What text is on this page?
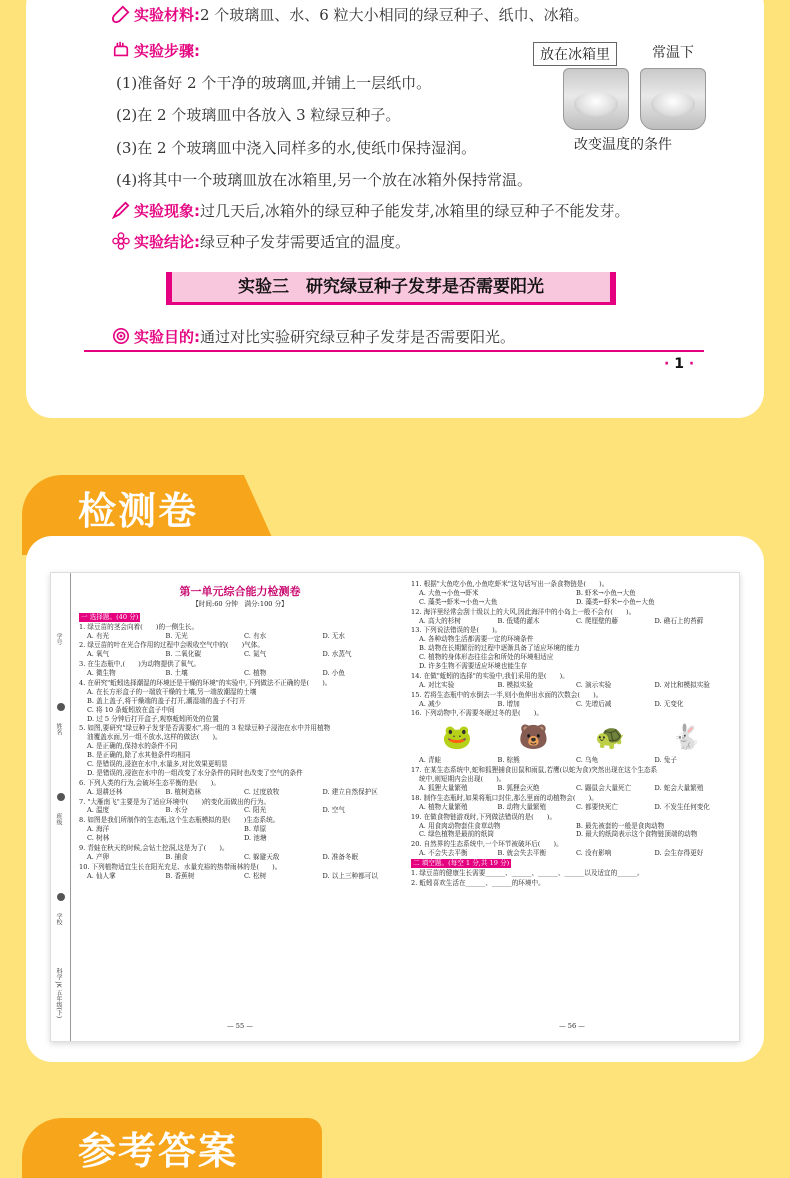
实验材料:2 个玻璃皿、水、6 粒大小相同的绿豆种子、纸巾、冰箱。
实验步骤:
(1)准备好 2 个干净的玻璃皿,并铺上一层纸巾。
(2)在 2 个玻璃皿中各放入 3 粒绿豆种子。
(3)在 2 个玻璃皿中浇入同样多的水,使纸巾保持湿润。
(4)将其中一个玻璃皿放在冰箱里,另一个放在冰箱外保持常温。
放在冰箱里	常温下
改变温度的条件
实验现象:过几天后,冰箱外的绿豆种子能发芽,冰箱里的绿豆种子不能发芽。
实验结论:绿豆种子发芽需要适宜的温度。
实验三　研究绿豆种子发芽是否需要阳光
实验目的:通过对比实验研究绿豆种子发芽是否需要阳光。
· 1 ·
检测卷
学号
姓名
班级
学校
科学 JK 五年级(下)
第一单元综合能力检测卷
【时间:60 分钟　满分:100 分】
一 选择题。(40 分)
1. 绿豆苗的茎会向着(　　)的一侧生长。
A. 有光	B. 无光	C. 有水	D. 无水
2. 绿豆苗的叶在光合作用的过程中会吸收空气中的(　　)气体。
A. 氧气	B. 二氧化碳	C. 氮气	D. 水蒸气
3. 在生态瓶中,(　　)为动物提供了氧气。
A. 微生物	B. 土壤	C. 植物	D. 小鱼
4. 在研究"蚯蚓选择潮湿的环境还是干燥的环境"的实验中,下列做法不正确的是(　　)。
A. 在长方形盒子的一端放干燥的土壤,另一端放潮湿的土壤
B. 盖上盖子,将干燥端的盖子打开,潮湿端的盖子不打开
C. 将 10 条蚯蚓放在盒子中间
D. 过 5 分钟后打开盒子,观察蚯蚓所处的位置
5. 如图,要研究"绿豆种子发芽是否需要水",将一组的 3 粒绿豆种子浸泡在水中并用植物
油覆盖水面,另一组不放水,这样的做法(　　)。
A. 是正确的,保持水的条件不同
B. 是正确的,除了水其他条件均相同
C. 是错误的,浸泡在水中,水量多,对比效果更明显
D. 是错误的,浸泡在水中的一组改变了水分条件的同时也改变了空气的条件
6. 下列人类的行为,会破坏生态平衡的是(　　)。
A. 退耕还林	B. 植树造林	C. 过度放牧	D. 建立自然保护区
7. "大雁南飞"主要是为了适应环境中(　　)的变化而做出的行为。
A. 温度	B. 水分	C. 阳光	D. 空气
8. 如图是我们所制作的生态瓶,这个生态瓶模拟的是(　　)生态系统。
A. 海洋	B. 草原
C. 树林	D. 池塘
9. 青蛙在秋天的时候,会钻土挖洞,这是为了(　　)。
A. 产卵	B. 捕食	C. 躲避天敌	D. 准备冬眠
10. 下列植物适宜生长在阳光充足、水量充裕的热带雨林的是(　　)。
A. 仙人掌	B. 香蕉树	C. 松树	D. 以上三种都可以
— 55 —
11. 根据"大鱼吃小鱼,小鱼吃虾米"这句话写出一条食物链是(　　)。
A. 大鱼→小鱼→虾米	B. 虾米→小鱼→大鱼
C. 藻类→虾米→小鱼→大鱼	D. 藻类←虾米←小鱼←大鱼
12. 海洋里经常会刮十级以上的大风,因此海洋中的小岛上一般不会有(　　)。
A. 高大的杉树	B. 低矮的灌木	C. 爬厘壁的藤	D. 礁石上的苔藓
13. 下列说法错误的是(　　)。
A. 各种动物生活都需要一定的环境条件
B. 动物在长期繁衍的过程中逐渐具备了适应环境的能力
C. 植物的身体形态往往会和所处的环境相适应
D. 许多生物不需要适应环境也能生存
14. 在做"蚯蚓的选择"的实验中,我们采用的是(　　)。
A. 对比实验	B. 模拟实验	C. 演示实验	D. 对比和模拟实验
15. 若将生态瓶中的水倒去一半,则小鱼伸出水面的次数会(　　)。
A. 减少	B. 增加	C. 先增后减	D. 无变化
16. 下列动物中,不需要冬眠过冬的是(　　)。
🐸 🐻 🐢 🐇
A. 青蛙	B. 棕熊	C. 乌龟	D. 兔子
17. 在某生态系统中,蛇和狐狸捕食田鼠和雨鼠,若鹰(以蛇为食)突然出现在这个生态系
统中,则短期内会出现(　　)。
A. 狐狸大量繁殖	B. 狐狸会灭绝	C. 鼹鼠会大量死亡	D. 蛇会大量繁殖
18. 制作生态瓶时,如果将瓶口封住,那么里面的动植物会(　　)。
A. 植物大量繁殖	B. 动物大量繁殖	C. 都要快死亡	D. 不发生任何变化
19. 在做食物链游戏时,下列做法错误的是(　　)。
A. 用食肉动物套住食草动物	B. 最先被套的一般是食肉动物
C. 绿色植物是最前的纸筒	D. 最大的纸筒表示这个食物链顶端的动物
20. 自然界的生态系统中,一个环节被破坏后(　　)。
A. 不会失去平衡	B. 就会失去平衡	C. 没有影响	D. 会生存得更好
二 填空题。(每空 1 分,共 19 分)
1. 绿豆苗的健康生长需要______、______、______、______以及适宜的______。
2. 蚯蚓喜欢生活在______、______的环境中。
— 56 —
参考答案
